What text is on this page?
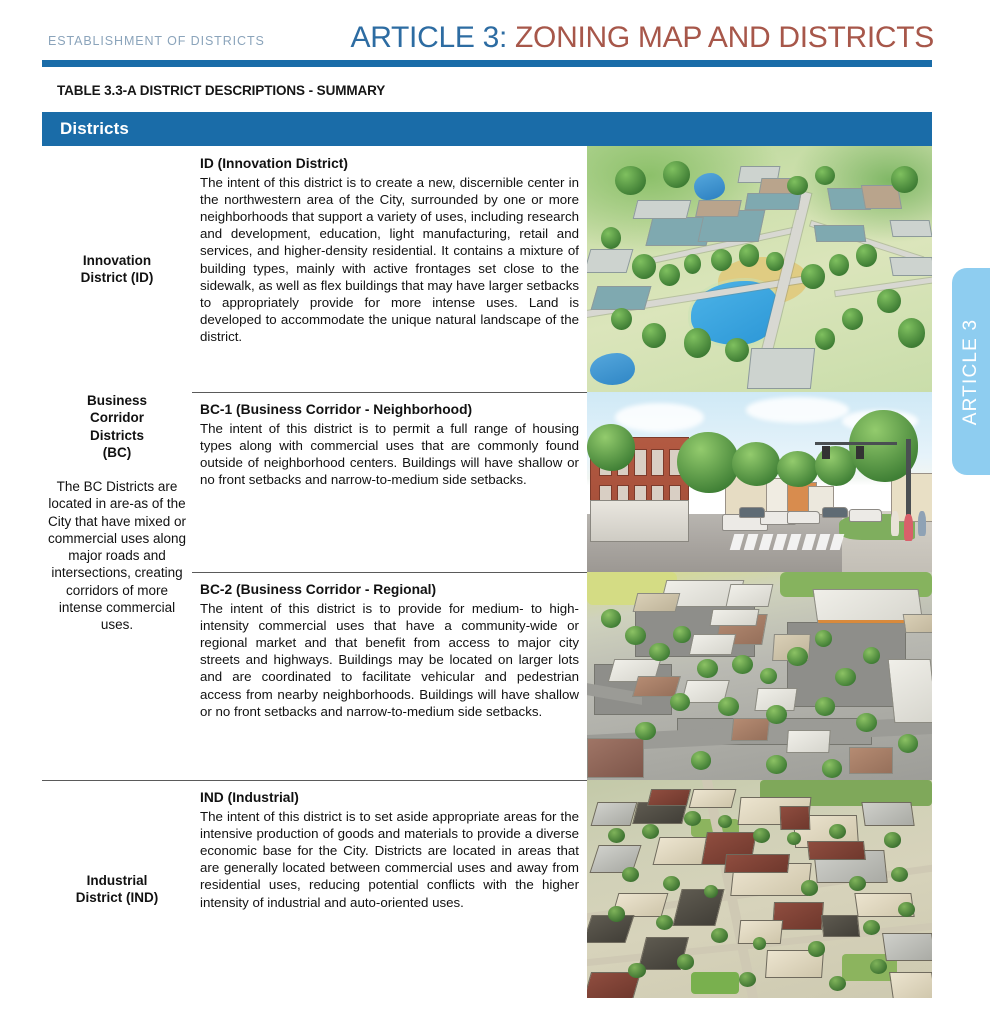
ESTABLISHMENT OF DISTRICTS	ARTICLE 3: ZONING MAP AND DISTRICTS
TABLE 3.3-A DISTRICT DESCRIPTIONS - SUMMARY
Districts
Innovation
District (ID)
ID (Innovation District)
The intent of this district is to create a new, discernible center in the northwestern area of the City, surrounded by one or more neighborhoods that support a variety of uses, including research and development, education, light manufacturing, retail and services, and higher-density residential. It contains a mixture of building types, mainly with active frontages set close to the sidewalk, as well as flex buildings that may have larger setbacks to appropriately provide for more intense uses. Land is developed to accommodate the unique natural landscape of the district.
Business
Corridor
Districts
(BC)
The BC Districts are located in are-as of the City that have mixed or commercial uses along major roads and intersections, creating corridors of more intense commercial uses.
BC-1 (Business Corridor - Neighborhood)
The intent of this district is to permit a full range of housing types along with commercial uses that are commonly found outside of neighborhood centers. Buildings will have shallow or no front setbacks and narrow-to-medium side setbacks.
BC-2 (Business Corridor - Regional)
The intent of this district is to provide for medium- to high-intensity commercial uses that have a community-wide or regional market and that benefit from access to major city streets and highways. Buildings may be located on larger lots and are coordinated to facilitate vehicular and pedestrian access from nearby neighborhoods. Buildings will have shallow or no front setbacks and narrow-to-medium side setbacks.
Industrial
District (IND)
IND (Industrial)
The intent of this district is to set aside appropriate areas for the intensive production of goods and materials to provide a diverse economic base for the City. Districts are located in areas that are generally located between commercial uses and away from residential uses, reducing potential conflicts with the higher intensity of industrial and auto-oriented uses.
ARTICLE 3
